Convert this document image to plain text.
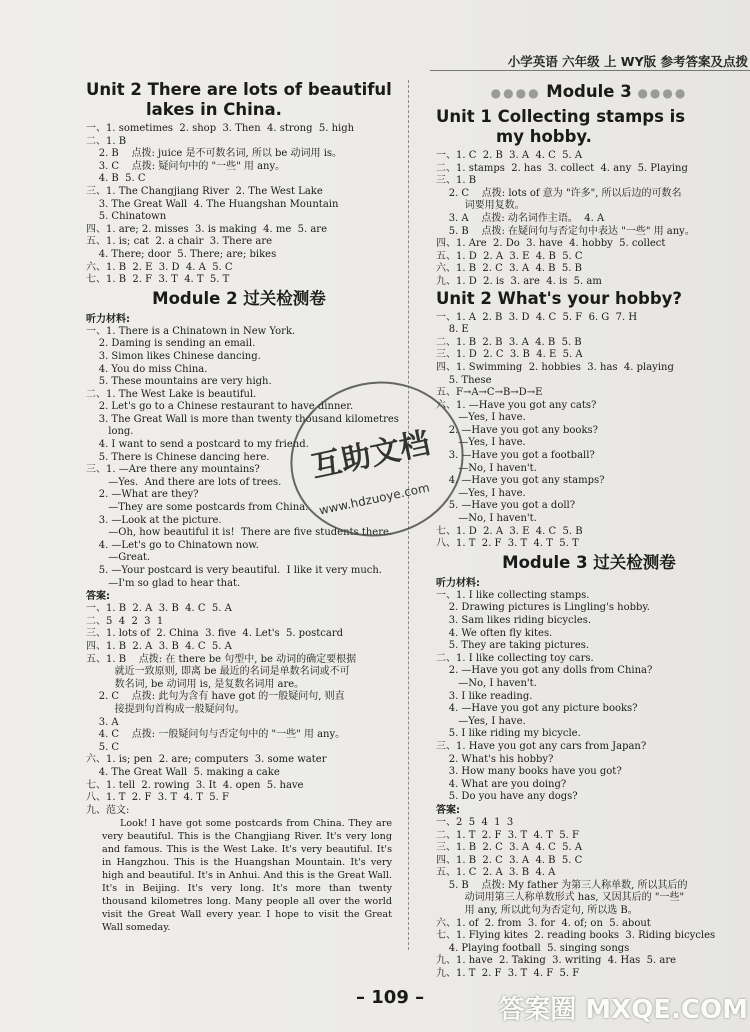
小学英语 六年级 上 WY版 参考答案及点拨
Unit 2 There are lots of beautiful
lakes in China.
一、1. sometimes  2. shop  3. Then  4. strong  5. high
二、1. B
2. B    点拨: juice 是不可数名词, 所以 be 动词用 is。
3. C    点拨: 疑问句中的 "一些" 用 any。
4. B  5. C
三、1. The Changjiang River  2. The West Lake
3. The Great Wall  4. The Huangshan Mountain
5. Chinatown
四、1. are; 2. misses  3. is making  4. me  5. are
五、1. is; cat  2. a chair  3. There are
4. There; door  5. There; are; bikes
六、1. B  2. E  3. D  4. A  5. C
七、1. B  2. F  3. T  4. T  5. T
Module 2 过关检测卷
听力材料:
一、1. There is a Chinatown in New York.
2. Daming is sending an email.
3. Simon likes Chinese dancing.
4. You do miss China.
5. These mountains are very high.
二、1. The West Lake is beautiful.
2. Let's go to a Chinese restaurant to have dinner.
3. The Great Wall is more than twenty thousand kilometres
long.
4. I want to send a postcard to my friend.
5. There is Chinese dancing here.
三、1. —Are there any mountains?
—Yes.  And there are lots of trees.
2. —What are they?
—They are some postcards from China.
3. —Look at the picture.
—Oh, how beautiful it is!  There are five students there.
4. —Let's go to Chinatown now.
—Great.
5. —Your postcard is very beautiful.  I like it very much.
—I'm so glad to hear that.
答案:
一、1. B  2. A  3. B  4. C  5. A
二、5  4  2  3  1
三、1. lots of  2. China  3. five  4. Let's  5. postcard
四、1. B  2. A  3. B  4. C  5. A
五、1. B    点拨: 在 there be 句型中, be 动词的确定要根据
就近一致原则, 即离 be 最近的名词是单数名词或不可
数名词, be 动词用 is, 是复数名词用 are。
2. C    点拨: 此句为含有 have got 的一般疑问句, 则直
接提到句首构成一般疑问句。
3. A
4. C    点拨: 一般疑问句与否定句中的 "一些" 用 any。
5. C
六、1. is; pen  2. are; computers  3. some water
4. The Great Wall  5. making a cake
七、1. tell  2. rowing  3. It  4. open  5. have
八、1. T  2. F  3. T  4. T  5. F
九、范文:

Look! I have got some postcards from China. They are very beautiful. This is the Changjiang River. It's very long and famous. This is the West Lake. It's very beautiful. It's in Hangzhou. This is the Huangshan Mountain. It's very high and beautiful. It's in Anhui. And this is the Great Wall. It's in Beijing. It's very long. It's more than twenty thousand kilometres long. Many people all over the world visit the Great Wall every year. I hope to visit the Great Wall someday.

●●●● Module 3 ●●●●
Unit 1 Collecting stamps is
my hobby.
一、1. C  2. B  3. A  4. C  5. A
二、1. stamps  2. has  3. collect  4. any  5. Playing
三、1. B
2. C    点拨: lots of 意为 "许多", 所以后边的可数名
词要用复数。
3. A    点拨: 动名词作主语。  4. A
5. B    点拨: 在疑问句与否定句中表达 "一些" 用 any。
四、1. Are  2. Do  3. have  4. hobby  5. collect
五、1. D  2. A  3. E  4. B  5. C
六、1. B  2. C  3. A  4. B  5. B
九、1. D  2. is  3. are  4. is  5. am
Unit 2 What's your hobby?
一、1. A  2. B  3. D  4. C  5. F  6. G  7. H
8. E
二、1. B  2. B  3. A  4. B  5. B
三、1. D  2. C  3. B  4. E  5. A
四、1. Swimming  2. hobbies  3. has  4. playing
5. These
五、F→A→C→B→D→E
六、1. —Have you got any cats?
—Yes, I have.
2. —Have you got any books?
—Yes, I have.
3. —Have you got a football?
—No, I haven't.
4. —Have you got any stamps?
—Yes, I have.
5. —Have you got a doll?
—No, I haven't.
七、1. D  2. A  3. E  4. C  5. B
八、1. T  2. F  3. T  4. T  5. T
Module 3 过关检测卷
听力材料:
一、1. I like collecting stamps.
2. Drawing pictures is Lingling's hobby.
3. Sam likes riding bicycles.
4. We often fly kites.
5. They are taking pictures.
二、1. I like collecting toy cars.
2. —Have you got any dolls from China?
—No, I haven't.
3. I like reading.
4. —Have you got any picture books?
—Yes, I have.
5. I like riding my bicycle.
三、1. Have you got any cars from Japan?
2. What's his hobby?
3. How many books have you got?
4. What are you doing?
5. Do you have any dogs?
答案:
一、2  5  4  1  3
二、1. T  2. F  3. T  4. T  5. F
三、1. B  2. C  3. A  4. C  5. A
四、1. B  2. C  3. A  4. B  5. C
五、1. C  2. A  3. B  4. A
5. B    点拨: My father 为第三人称单数, 所以其后的
动词用第三人称单数形式 has, 又因其后的 "一些"
用 any, 所以此句为否定句, 所以选 B。
六、1. of  2. from  3. for  4. of; on  5. about
七、1. Flying kites  2. reading books  3. Riding bicycles
4. Playing football  5. singing songs
九、1. have  2. Taking  3. writing  4. Has  5. are
九、1. T  2. F  3. T  4. F  5. F
互助文档
www.hdzuoye.com
– 109 –	答案圈 MXQE.COM
